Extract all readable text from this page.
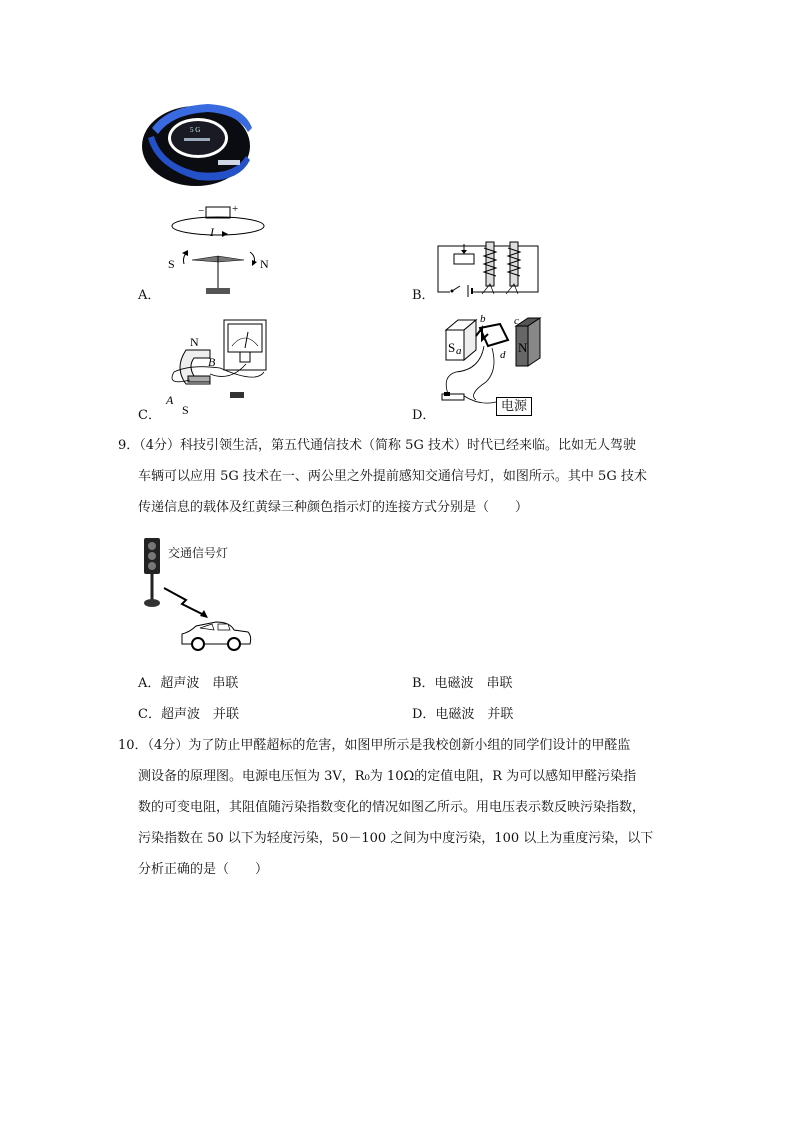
5 G
−	+
I
S	N
A．	B．
N
B
A
S
C．
S	N
b	c
a	d
电源
D．
9．（4分）科技引领生活，第五代通信技术（简称 5G 技术）时代已经来临。比如无人驾驶
车辆可以应用 5G 技术在一、两公里之外提前感知交通信号灯，如图所示。其中 5G 技术
传递信息的载体及红黄绿三种颜色指示灯的连接方式分别是（　　）
交通信号灯
A．超声波　串联	B．电磁波　串联
C．超声波　并联	D．电磁波　并联
10．（4分）为了防止甲醛超标的危害，如图甲所示是我校创新小组的同学们设计的甲醛监
测设备的原理图。电源电压恒为 3V，R₀为 10Ω的定值电阻，R 为可以感知甲醛污染指
数的可变电阻，其阻值随污染指数变化的情况如图乙所示。用电压表示数反映污染指数，
污染指数在 50 以下为轻度污染，50－100 之间为中度污染，100 以上为重度污染，以下
分析正确的是（　　）
